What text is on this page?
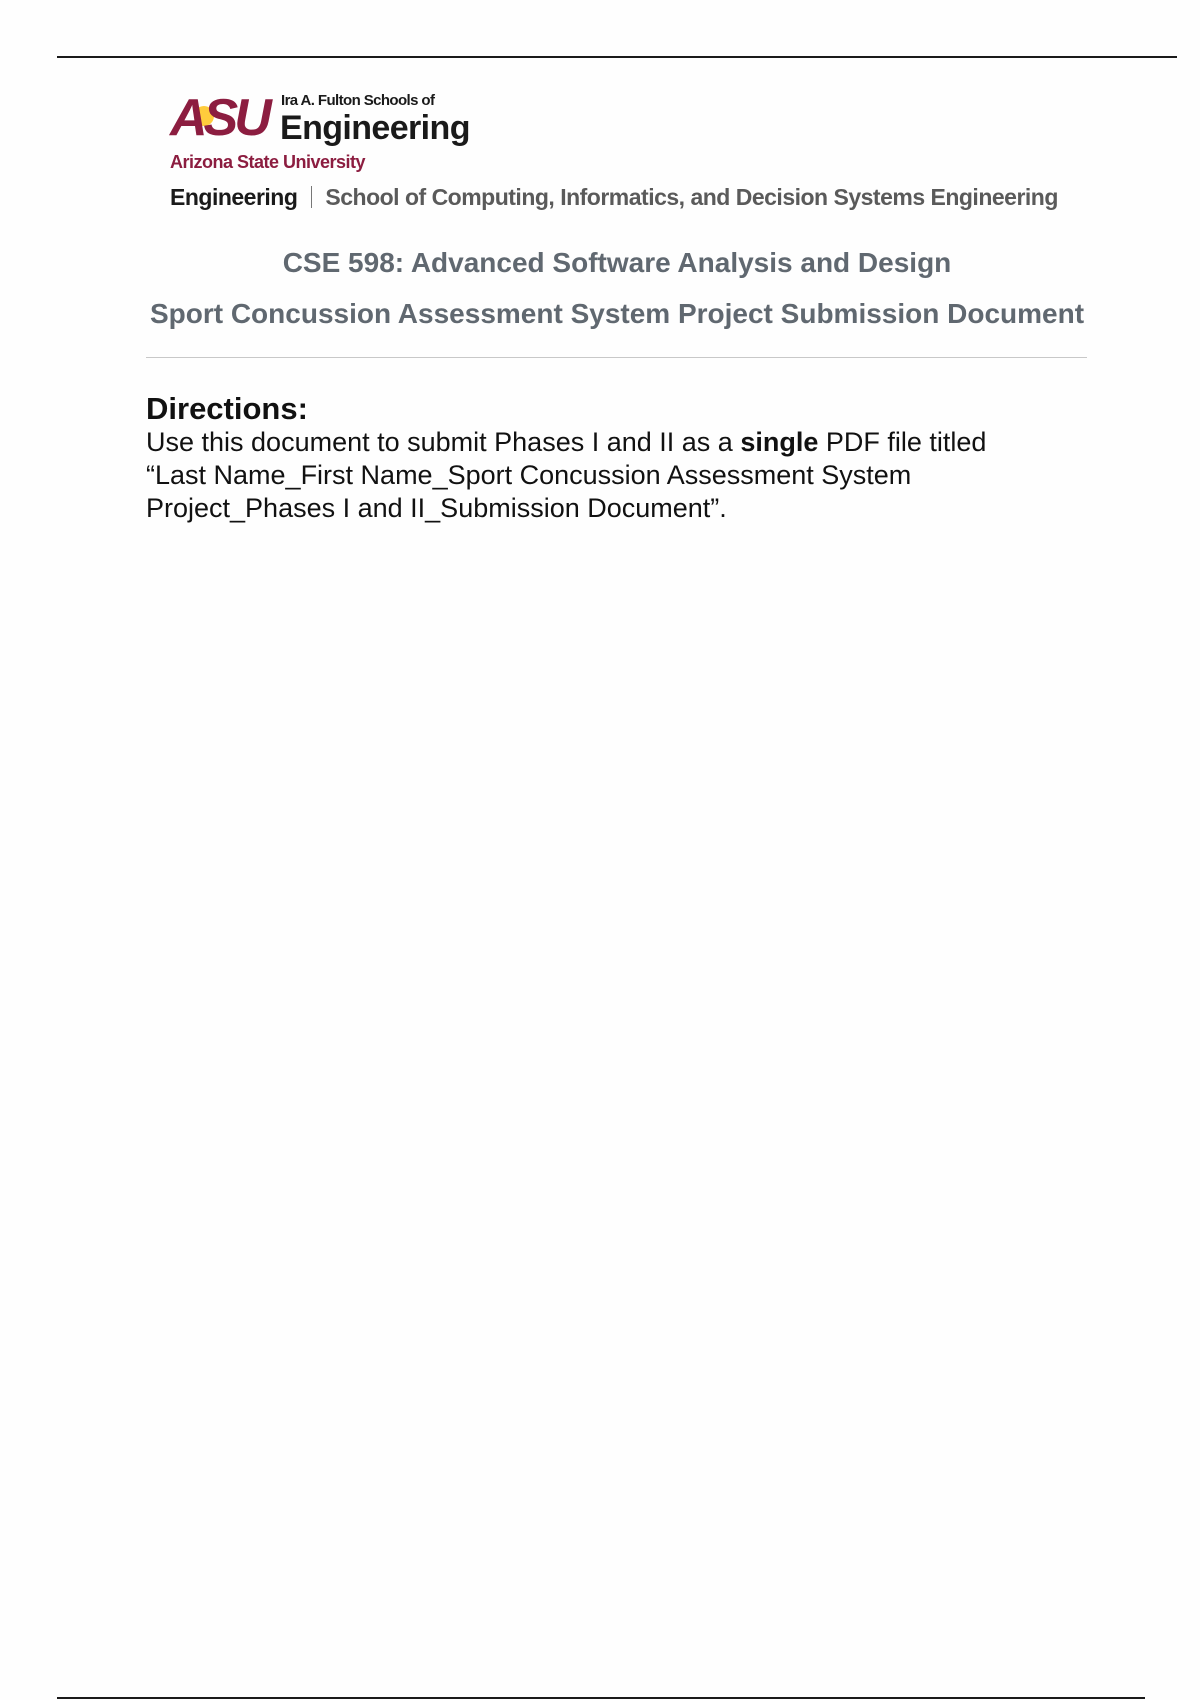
ASU Ira A. Fulton Schools of
Engineering
Arizona State University
Engineering School of Computing, Informatics, and Decision Systems Engineering
CSE 598: Advanced Software Analysis and Design
Sport Concussion Assessment System Project Submission Document
Directions:
Use this document to submit Phases I and II as a single PDF file titled
“Last Name_First Name_Sport Concussion Assessment System
Project_Phases I and II_Submission Document”.
